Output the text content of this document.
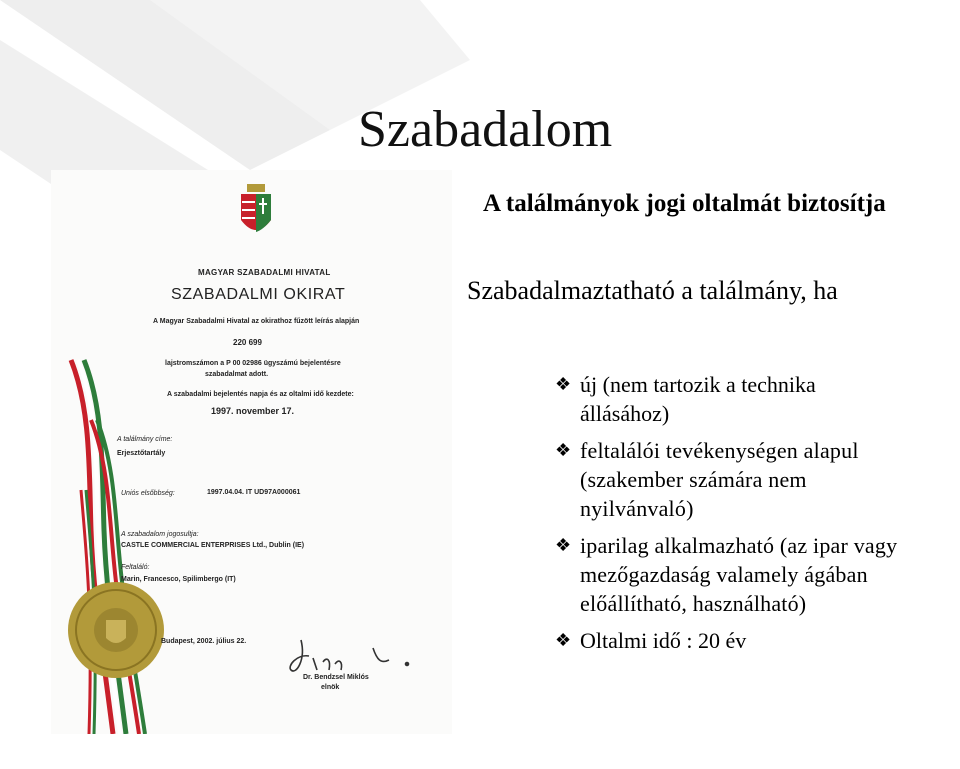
Szabadalom
A találmányok jogi oltalmát biztosítja
Szabadalmaztatható a találmány, ha
❖ új (nem tartozik a technika
állásához)
❖ feltalálói tevékenységen alapul
(szakember számára nem
nyilvánvaló)
❖ iparilag alkalmazható (az ipar vagy
mezőgazdaság valamely ágában
előállítható, használható)
❖ Oltalmi idő : 20 év
MAGYAR SZABADALMI HIVATAL
SZABADALMI OKIRAT
A Magyar Szabadalmi Hivatal az okirathoz fűzött leírás alapján
220 699
lajstromszámon a P 00 02986 ügyszámú bejelentésre
szabadalmat adott.
A szabadalmi bejelentés napja és az oltalmi idő kezdete:
1997. november 17.
A találmány címe:
Erjesztőtartály
Uniós elsőbbség:	1997.04.04. IT UD97A000061
A szabadalom jogosultja:
CASTLE COMMERCIAL ENTERPRISES Ltd., Dublin (IE)
Feltaláló:
Marin, Francesco, Spilimbergo (IT)
Budapest, 2002. július 22.
Dr. Bendzsel Miklós
elnök
